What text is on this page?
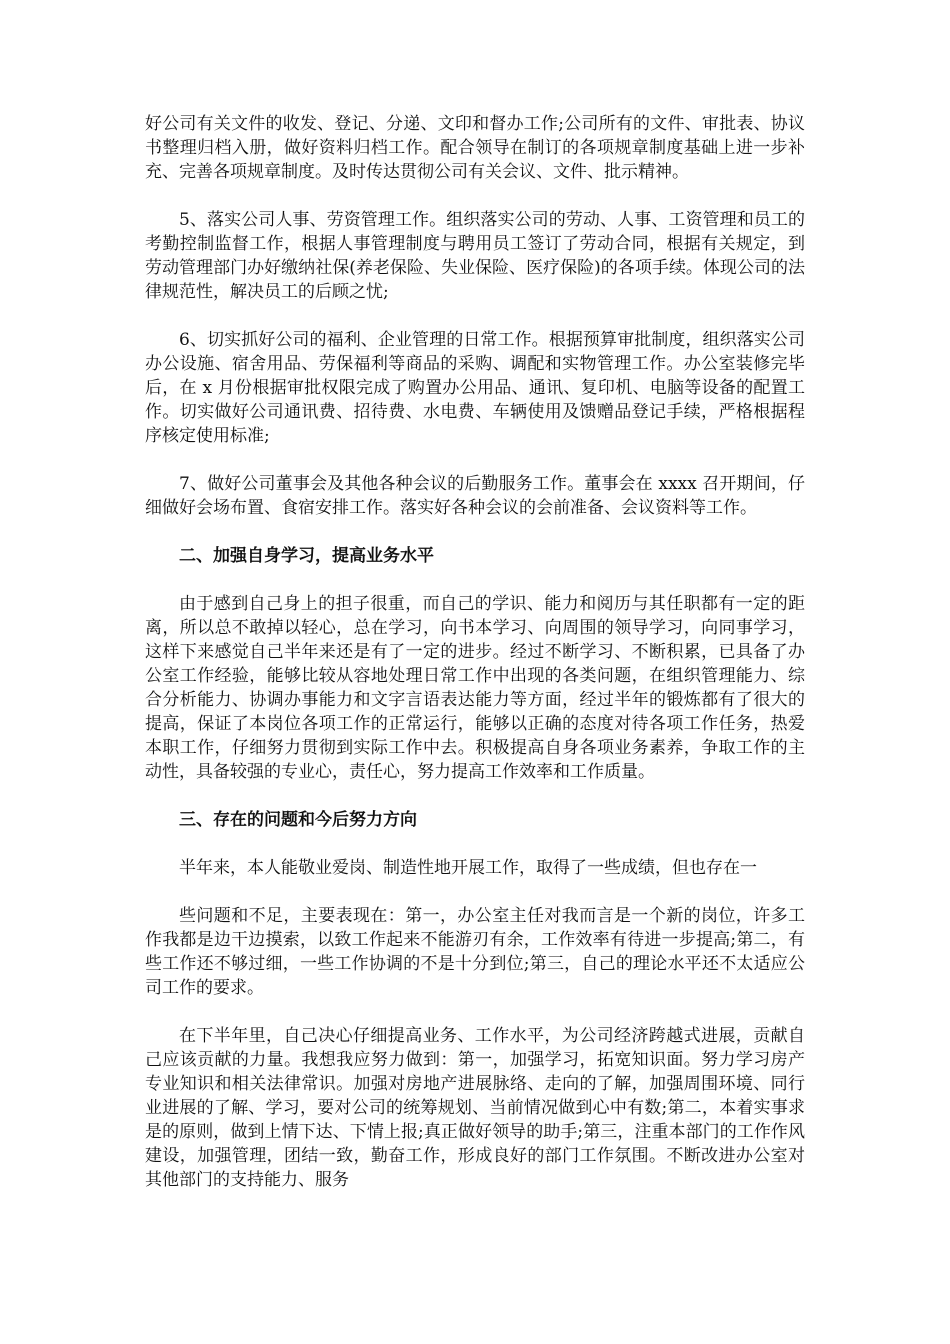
好公司有关文件的收发、登记、分递、文印和督办工作;公司所有的文件、审批表、协议书整理归档入册，做好资料归档工作。配合领导在制订的各项规章制度基础上进一步补充、完善各项规章制度。及时传达贯彻公司有关会议、文件、批示精神。

5、落实公司人事、劳资管理工作。组织落实公司的劳动、人事、工资管理和员工的考勤控制监督工作，根据人事管理制度与聘用员工签订了劳动合同，根据有关规定，到劳动管理部门办好缴纳社保(养老保险、失业保险、医疗保险)的各项手续。体现公司的法律规范性，解决员工的后顾之忧;

6、切实抓好公司的福利、企业管理的日常工作。根据预算审批制度，组织落实公司办公设施、宿舍用品、劳保福利等商品的采购、调配和实物管理工作。办公室装修完毕后，在 x 月份根据审批权限完成了购置办公用品、通讯、复印机、电脑等设备的配置工作。切实做好公司通讯费、招待费、水电费、车辆使用及馈赠品登记手续，严格根据程序核定使用标准;

7、做好公司董事会及其他各种会议的后勤服务工作。董事会在 xxxx 召开期间，仔细做好会场布置、食宿安排工作。落实好各种会议的会前准备、会议资料等工作。

二、加强自身学习，提高业务水平

由于感到自己身上的担子很重，而自己的学识、能力和阅历与其任职都有一定的距离，所以总不敢掉以轻心，总在学习，向书本学习、向周围的领导学习，向同事学习，这样下来感觉自己半年来还是有了一定的进步。经过不断学习、不断积累，已具备了办公室工作经验，能够比较从容地处理日常工作中出现的各类问题，在组织管理能力、综合分析能力、协调办事能力和文字言语表达能力等方面，经过半年的锻炼都有了很大的提高，保证了本岗位各项工作的正常运行，能够以正确的态度对待各项工作任务，热爱本职工作，仔细努力贯彻到实际工作中去。积极提高自身各项业务素养，争取工作的主动性，具备较强的专业心，责任心，努力提高工作效率和工作质量。

三、存在的问题和今后努力方向

半年来，本人能敬业爱岗、制造性地开展工作，取得了一些成绩，但也存在一

些问题和不足，主要表现在：第一，办公室主任对我而言是一个新的岗位，许多工作我都是边干边摸索，以致工作起来不能游刃有余，工作效率有待进一步提高;第二，有些工作还不够过细，一些工作协调的不是十分到位;第三，自己的理论水平还不太适应公司工作的要求。

在下半年里，自己决心仔细提高业务、工作水平，为公司经济跨越式进展，贡献自己应该贡献的力量。我想我应努力做到：第一，加强学习，拓宽知识面。努力学习房产专业知识和相关法律常识。加强对房地产进展脉络、走向的了解，加强周围环境、同行业进展的了解、学习，要对公司的统筹规划、当前情况做到心中有数;第二，本着实事求是的原则，做到上情下达、下情上报;真正做好领导的助手;第三，注重本部门的工作作风建设，加强管理，团结一致，勤奋工作，形成良好的部门工作氛围。不断改进办公室对其他部门的支持能力、服务
